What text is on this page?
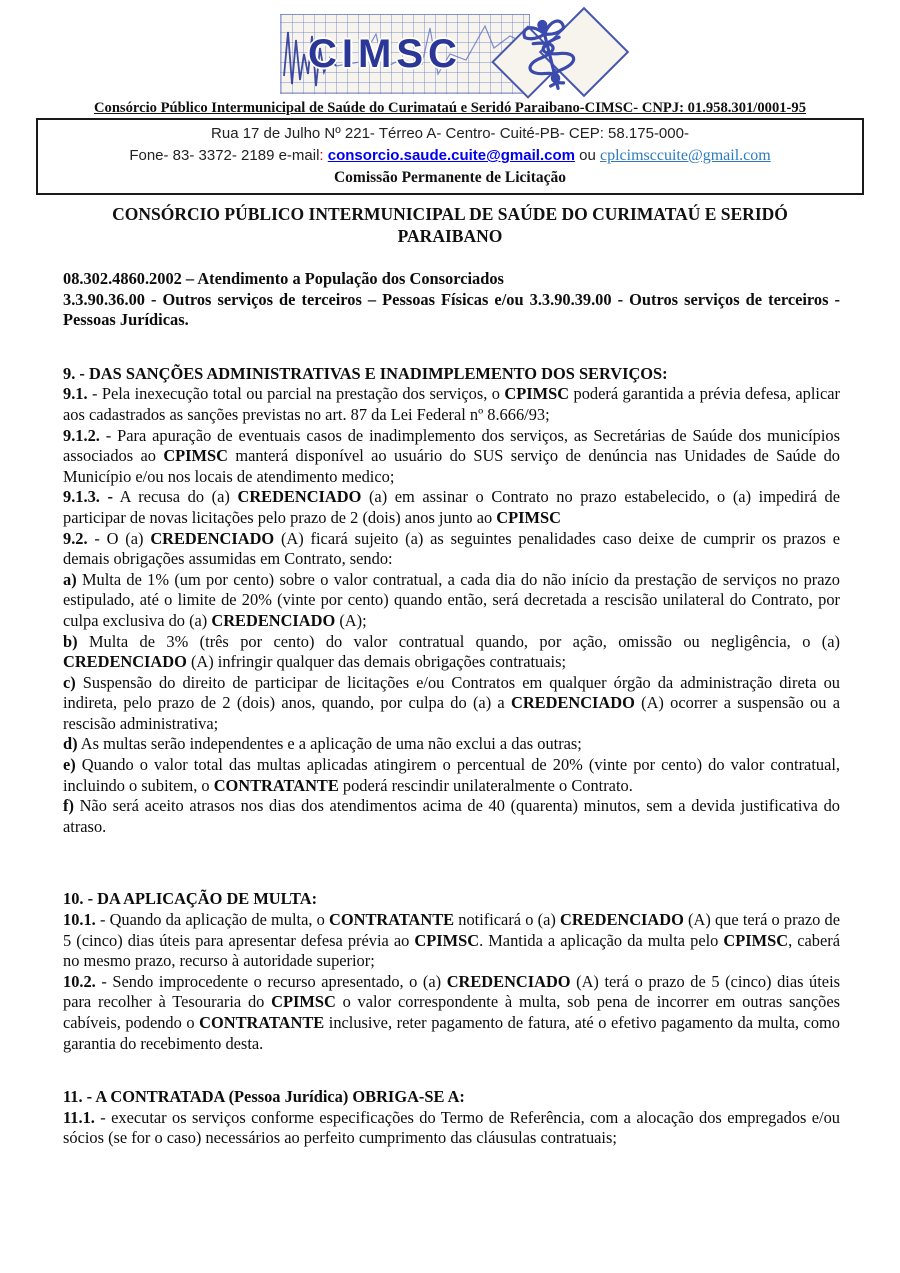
CIMSC
Consórcio Público Intermunicipal de Saúde do Curimataú e Seridó Paraibano-CIMSC- CNPJ: 01.958.301/0001-95
Rua 17 de Julho Nº 221- Térreo A- Centro- Cuité-PB- CEP: 58.175-000-
Fone- 83- 3372- 2189 e-mail: consorcio.saude.cuite@gmail.com ou cplcimsccuite@gmail.com
Comissão Permanente de Licitação
CONSÓRCIO PÚBLICO INTERMUNICIPAL DE SAÚDE DO CURIMATAÚ E SERIDÓ PARAIBANO

08.302.4860.2002 – Atendimento a População dos Consorciados

3.3.90.36.00 - Outros serviços de terceiros – Pessoas Físicas e/ou 3.3.90.39.00 - Outros serviços de terceiros - Pessoas Jurídicas.

9. - DAS SANÇÕES ADMINISTRATIVAS E INADIMPLEMENTO DOS SERVIÇOS:

9.1. - Pela inexecução total ou parcial na prestação dos serviços, o CPIMSC poderá garantida a prévia defesa, aplicar aos cadastrados as sanções previstas no art. 87 da Lei Federal nº 8.666/93;

9.1.2. - Para apuração de eventuais casos de inadimplemento dos serviços, as Secretárias de Saúde dos municípios associados ao CPIMSC manterá disponível ao usuário do SUS serviço de denúncia nas Unidades de Saúde do Município e/ou nos locais de atendimento medico;

9.1.3. - A recusa do (a) CREDENCIADO (a) em assinar o Contrato no prazo estabelecido, o (a) impedirá de participar de novas licitações pelo prazo de 2 (dois) anos junto ao CPIMSC

9.2. - O (a) CREDENCIADO (A) ficará sujeito (a) as seguintes penalidades caso deixe de cumprir os prazos e demais obrigações assumidas em Contrato, sendo:

a) Multa de 1% (um por cento) sobre o valor contratual, a cada dia do não início da prestação de serviços no prazo estipulado, até o limite de 20% (vinte por cento) quando então, será decretada a rescisão unilateral do Contrato, por culpa exclusiva do (a) CREDENCIADO (A);

b) Multa de 3% (três por cento) do valor contratual quando, por ação, omissão ou negligência, o (a) CREDENCIADO (A) infringir qualquer das demais obrigações contratuais;

c) Suspensão do direito de participar de licitações e/ou Contratos em qualquer órgão da administração direta ou indireta, pelo prazo de 2 (dois) anos, quando, por culpa do (a) a CREDENCIADO (A) ocorrer a suspensão ou a rescisão administrativa;

d) As multas serão independentes e a aplicação de uma não exclui a das outras;

e) Quando o valor total das multas aplicadas atingirem o percentual de 20% (vinte por cento) do valor contratual, incluindo o subitem, o CONTRATANTE poderá rescindir unilateralmente o Contrato.

f) Não será aceito atrasos nos dias dos atendimentos acima de 40 (quarenta) minutos, sem a devida justificativa do atraso.

10. - DA APLICAÇÃO DE MULTA:

10.1. - Quando da aplicação de multa, o CONTRATANTE notificará o (a) CREDENCIADO (A) que terá o prazo de 5 (cinco) dias úteis para apresentar defesa prévia ao CPIMSC. Mantida a aplicação da multa pelo CPIMSC, caberá no mesmo prazo, recurso à autoridade superior;

10.2. - Sendo improcedente o recurso apresentado, o (a) CREDENCIADO (A) terá o prazo de 5 (cinco) dias úteis para recolher à Tesouraria do CPIMSC o valor correspondente à multa, sob pena de incorrer em outras sanções cabíveis, podendo o CONTRATANTE inclusive, reter pagamento de fatura, até o efetivo pagamento da multa, como garantia do recebimento desta.

11. - A CONTRATADA (Pessoa Jurídica) OBRIGA-SE A:

11.1. - executar os serviços conforme especificações do Termo de Referência, com a alocação dos empregados e/ou sócios (se for o caso) necessários ao perfeito cumprimento das cláusulas contratuais;
